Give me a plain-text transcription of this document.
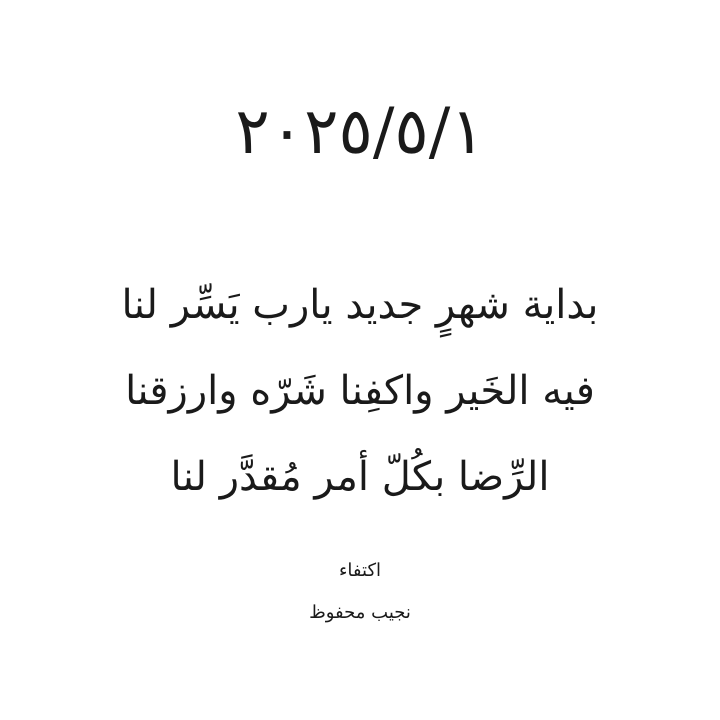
٢٠٢٥/٥/١
بداية شهرٍ جديد يارب يَسِّر لنا
فيه الخَير واكفِنا شَرّه وارزقنا
الرِّضا بكُلّ أمر مُقدَّر لنا
اكتفاء
نجيب محفوظ
